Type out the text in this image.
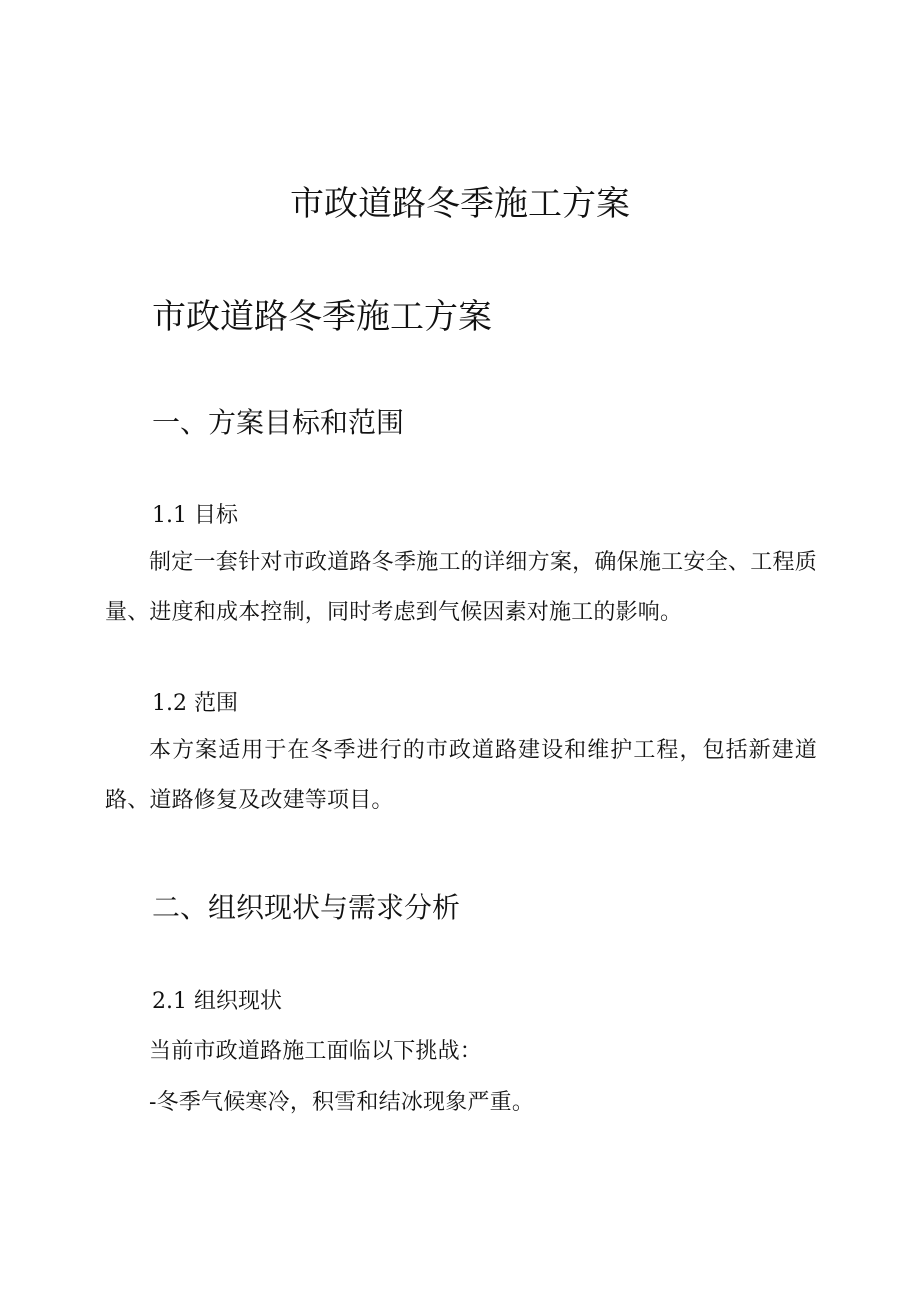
市政道路冬季施工方案
市政道路冬季施工方案
一、方案目标和范围
1.1 目标

制定一套针对市政道路冬季施工的详细方案，确保施工安全、工程质量、进度和成本控制，同时考虑到气候因素对施工的影响。

1.2 范围

本方案适用于在冬季进行的市政道路建设和维护工程，包括新建道路、道路修复及改建等项目。

二、组织现状与需求分析
2.1 组织现状
当前市政道路施工面临以下挑战：
-冬季气候寒冷，积雪和结冰现象严重。
